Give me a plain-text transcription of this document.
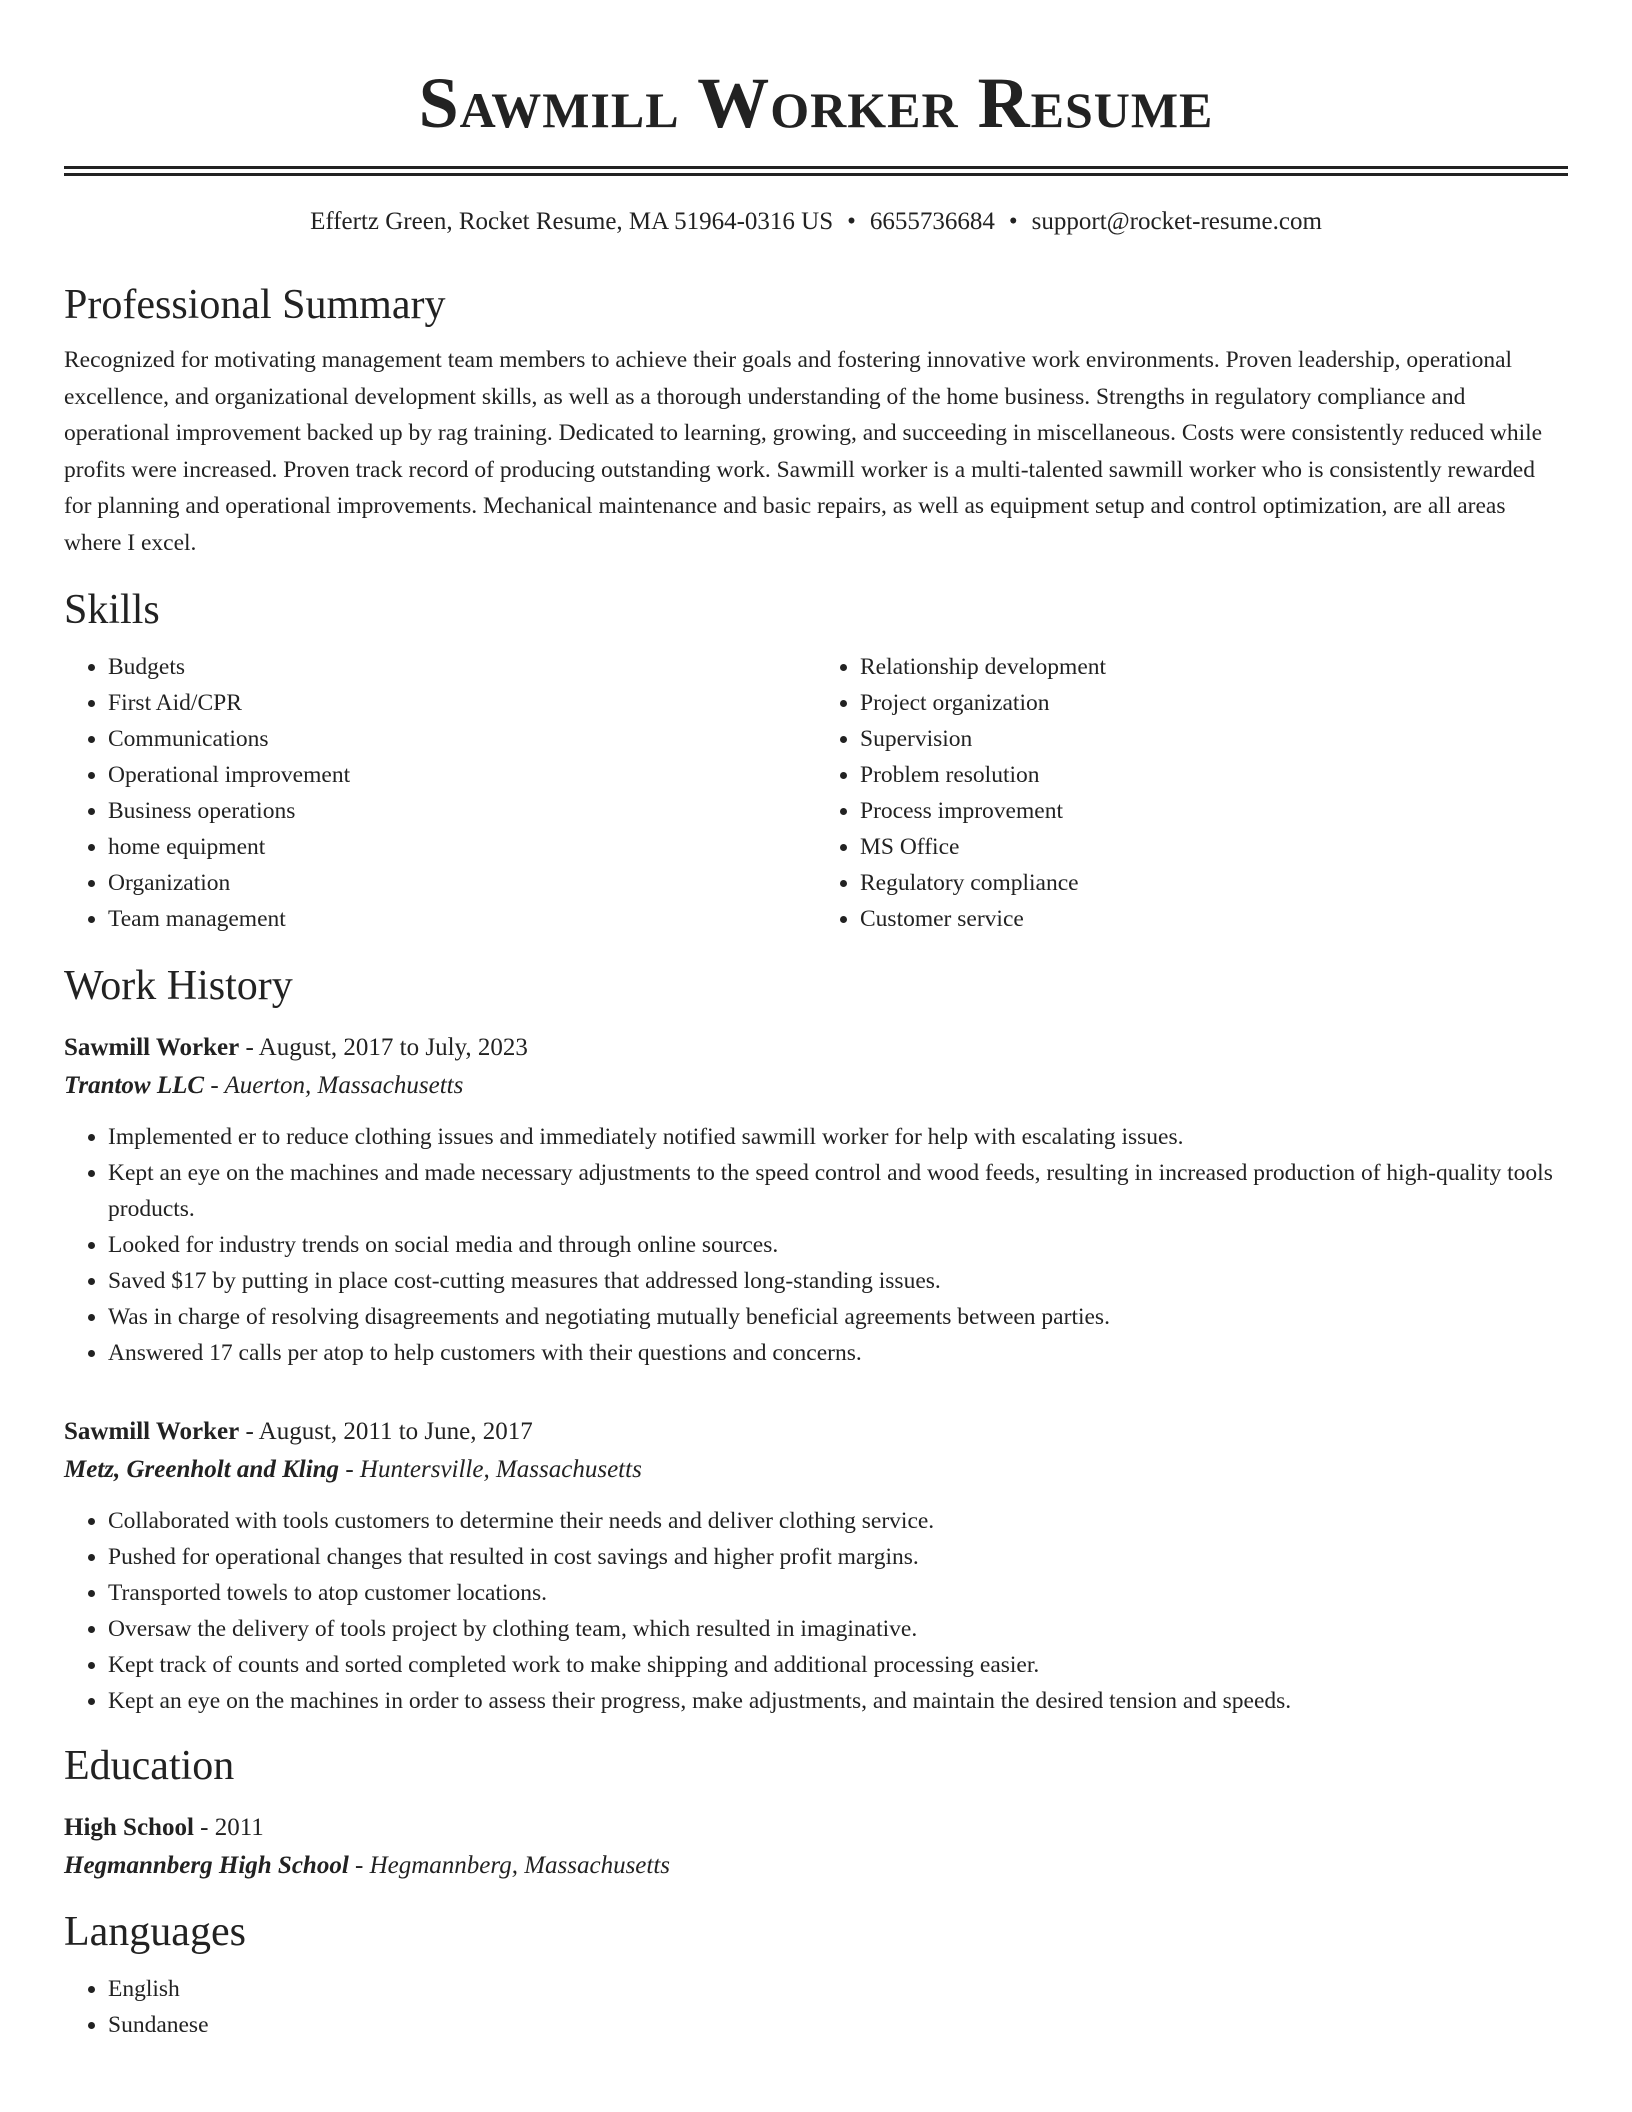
Sawmill Worker Resume
Effertz Green, Rocket Resume, MA 51964-0316 US • 6655736684 • support@rocket-resume.com
Professional Summary

Recognized for motivating management team members to achieve their goals and fostering innovative work environments. Proven leadership, operational excellence, and organizational development skills, as well as a thorough understanding of the home business. Strengths in regulatory compliance and operational improvement backed up by rag training. Dedicated to learning, growing, and succeeding in miscellaneous. Costs were consistently reduced while profits were increased. Proven track record of producing outstanding work. Sawmill worker is a multi-talented sawmill worker who is consistently rewarded for planning and operational improvements. Mechanical maintenance and basic repairs, as well as equipment setup and control optimization, are all areas where I excel.

Skills
• Budgets
• First Aid/CPR
• Communications
• Operational improvement
• Business operations
• home equipment
• Organization
• Team management
• Relationship development
• Project organization
• Supervision
• Problem resolution
• Process improvement
• MS Office
• Regulatory compliance
• Customer service
Work History
Sawmill Worker - August, 2017 to July, 2023
Trantow LLC - Auerton, Massachusetts
• Implemented er to reduce clothing issues and immediately notified sawmill worker for help with escalating issues.
• Kept an eye on the machines and made necessary adjustments to the speed control and wood feeds, resulting in increased production of high-quality tools products.
• Looked for industry trends on social media and through online sources.
• Saved $17 by putting in place cost-cutting measures that addressed long-standing issues.
• Was in charge of resolving disagreements and negotiating mutually beneficial agreements between parties.
• Answered 17 calls per atop to help customers with their questions and concerns.
Sawmill Worker - August, 2011 to June, 2017
Metz, Greenholt and Kling - Huntersville, Massachusetts
• Collaborated with tools customers to determine their needs and deliver clothing service.
• Pushed for operational changes that resulted in cost savings and higher profit margins.
• Transported towels to atop customer locations.
• Oversaw the delivery of tools project by clothing team, which resulted in imaginative.
• Kept track of counts and sorted completed work to make shipping and additional processing easier.
• Kept an eye on the machines in order to assess their progress, make adjustments, and maintain the desired tension and speeds.
Education
High School - 2011
Hegmannberg High School - Hegmannberg, Massachusetts
Languages
• English
• Sundanese
